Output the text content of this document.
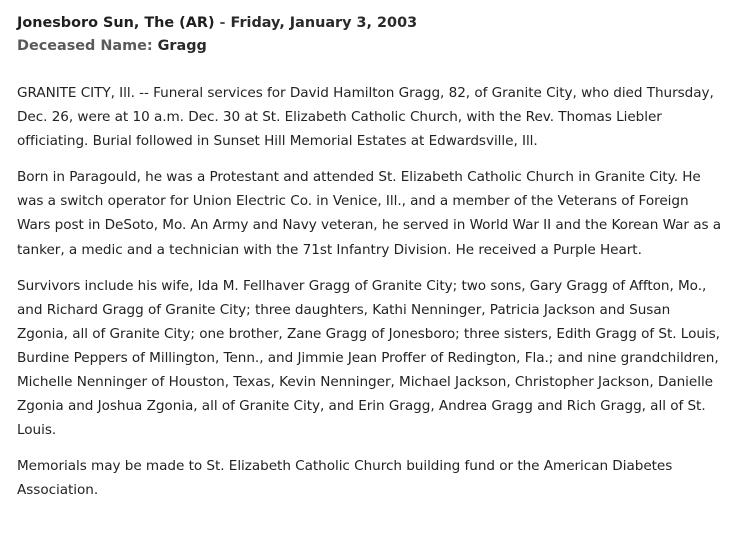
Jonesboro Sun, The (AR) - Friday, January 3, 2003
Deceased Name: Gragg

GRANITE CITY, Ill. -- Funeral services for David Hamilton Gragg, 82, of Granite City, who died Thursday, Dec. 26, were at 10 a.m. Dec. 30 at St. Elizabeth Catholic Church, with the Rev. Thomas Liebler officiating. Burial followed in Sunset Hill Memorial Estates at Edwardsville, Ill.

Born in Paragould, he was a Protestant and attended St. Elizabeth Catholic Church in Granite City. He was a switch operator for Union Electric Co. in Venice, Ill., and a member of the Veterans of Foreign Wars post in DeSoto, Mo. An Army and Navy veteran, he served in World War II and the Korean War as a tanker, a medic and a technician with the 71st Infantry Division. He received a Purple Heart.

Survivors include his wife, Ida M. Fellhaver Gragg of Granite City; two sons, Gary Gragg of Affton, Mo., and Richard Gragg of Granite City; three daughters, Kathi Nenninger, Patricia Jackson and Susan Zgonia, all of Granite City; one brother, Zane Gragg of Jonesboro; three sisters, Edith Gragg of St. Louis, Burdine Peppers of Millington, Tenn., and Jimmie Jean Proffer of Redington, Fla.; and nine grandchildren, Michelle Nenninger of Houston, Texas, Kevin Nenninger, Michael Jackson, Christopher Jackson, Danielle Zgonia and Joshua Zgonia, all of Granite City, and Erin Gragg, Andrea Gragg and Rich Gragg, all of St. Louis.

Memorials may be made to St. Elizabeth Catholic Church building fund or the American Diabetes Association.
